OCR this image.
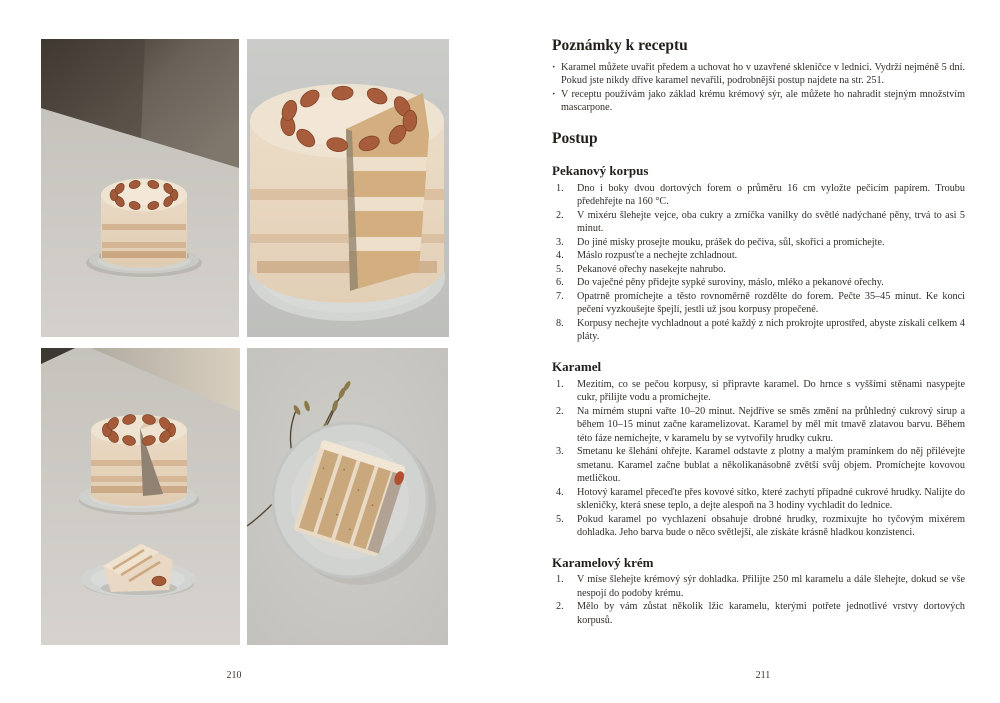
210
Poznámky k receptu
· Karamel můžete uvařit předem a uchovat ho v uzavřené skleničce v lednici. Vydrží nejméně 5 dní. Pokud jste nikdy dříve karamel nevařili, podrobnější postup najdete na str. 251.
· V receptu používám jako základ krému krémový sýr, ale můžete ho nahradit stejným množstvím mascarpone.
Postup
Pekanový korpus
Dno i boky dvou dortových forem o průměru 16 cm vyložte pečicím papírem. Troubu předehřejte na 160 °C.
V mixéru šlehejte vejce, oba cukry a zrníčka vanilky do světlé nadýchané pěny, trvá to asi 5 minut.
Do jiné misky prosejte mouku, prášek do pečiva, sůl, skořici a promíchejte.
Máslo rozpusťte a nechejte zchladnout.
Pekanové ořechy nasekejte nahrubo.
Do vaječné pěny přidejte sypké suroviny, máslo, mléko a pekanové ořechy.
Opatrně promíchejte a těsto rovnoměrně rozdělte do forem. Pečte 35–45 minut. Ke konci pečení vyzkoušejte špejlí, jestli už jsou korpusy propečené.
Korpusy nechejte vychladnout a poté každý z nich prokrojte uprostřed, abyste získali celkem 4 pláty.
Karamel
Mezitím, co se pečou korpusy, si připravte karamel. Do hrnce s vyššími stěnami nasypejte cukr, přilijte vodu a promíchejte.
Na mírném stupni vařte 10–20 minut. Nejdříve se směs změní na průhledný cukrový sirup a během 10–15 minut začne karamelizovat. Karamel by měl mít tmavě zlatavou barvu. Během této fáze nemíchejte, v karamelu by se vytvořily hrudky cukru.
Smetanu ke šlehání ohřejte. Karamel odstavte z plotny a malým pramínkem do něj přilévejte smetanu. Karamel začne bublat a několikanásobně zvětší svůj objem. Promíchejte kovovou metličkou.
Hotový karamel přeceďte přes kovové sítko, které zachytí případné cukrové hrudky. Nalijte do skleničky, která snese teplo, a dejte alespoň na 3 hodiny vychladit do lednice.
Pokud karamel po vychlazení obsahuje drobné hrudky, rozmixujte ho tyčovým mixérem dohladka. Jeho barva bude o něco světlejší, ale získáte krásně hladkou konzistenci.
Karamelový krém
V míse šlehejte krémový sýr dohladka. Přilijte 250 ml karamelu a dále šlehejte, dokud se vše nespojí do podoby krému.
Mělo by vám zůstat několik lžic karamelu, kterými potřete jednotlivé vrstvy dortových korpusů.
211
